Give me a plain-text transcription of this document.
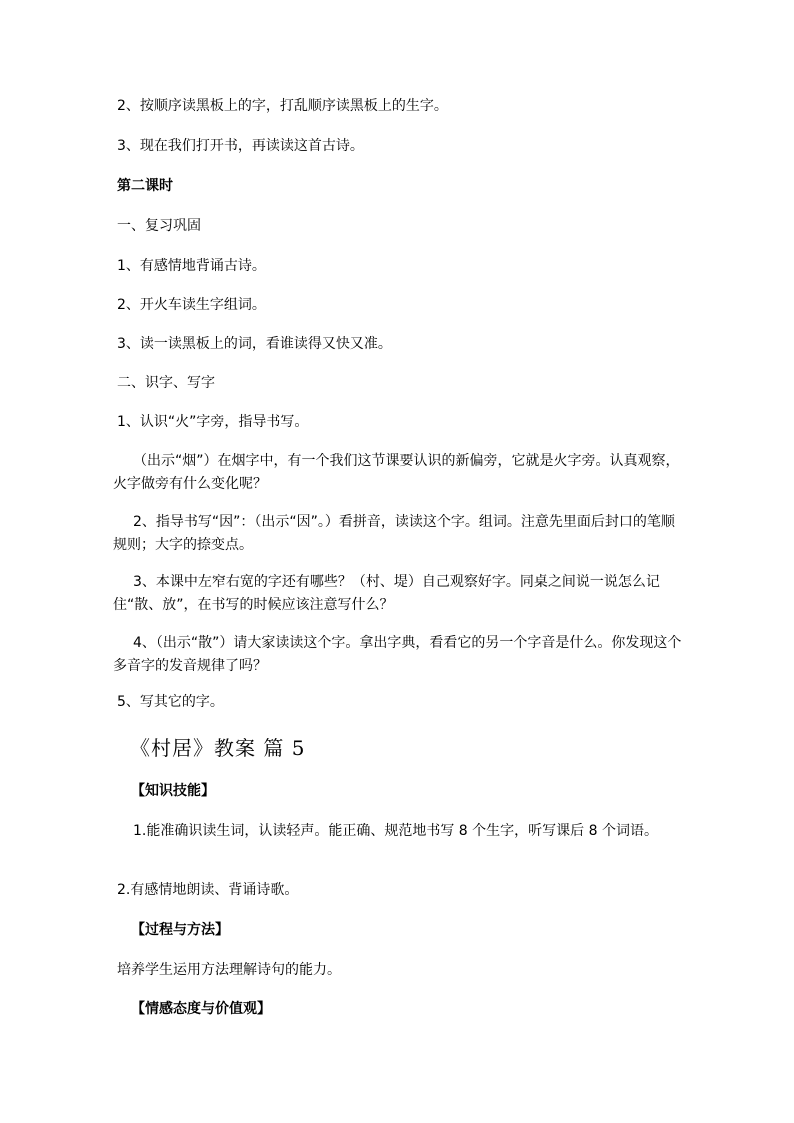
2、按顺序读黑板上的字，打乱顺序读黑板上的生字。
3、现在我们打开书，再读读这首古诗。
第二课时
一、复习巩固
1、有感情地背诵古诗。
2、开火车读生字组词。
3、读一读黑板上的词，看谁读得又快又准。
二、识字、写字
1、认识“火”字旁，指导书写。
（出示“烟”）在烟字中，有一个我们这节课要认识的新偏旁，它就是火字旁。认真观察，火字做旁有什么变化呢？
2、指导书写“因”：（出示“因”。）看拼音，读读这个字。组词。注意先里面后封口的笔顺规则；大字的捺变点。
3、本课中左窄右宽的字还有哪些？（村、堤）自己观察好字。同桌之间说一说怎么记住“散、放”，在书写的时候应该注意写什么？
4、（出示“散”）请大家读读这个字。拿出字典，看看它的另一个字音是什么。你发现这个多音字的发音规律了吗？
5、写其它的字。
《村居》教案 篇 5
【知识技能】
1.能准确识读生词，认读轻声。能正确、规范地书写 8 个生字，听写课后 8 个词语。
2.有感情地朗读、背诵诗歌。
【过程与方法】
培养学生运用方法理解诗句的能力。
【情感态度与价值观】
